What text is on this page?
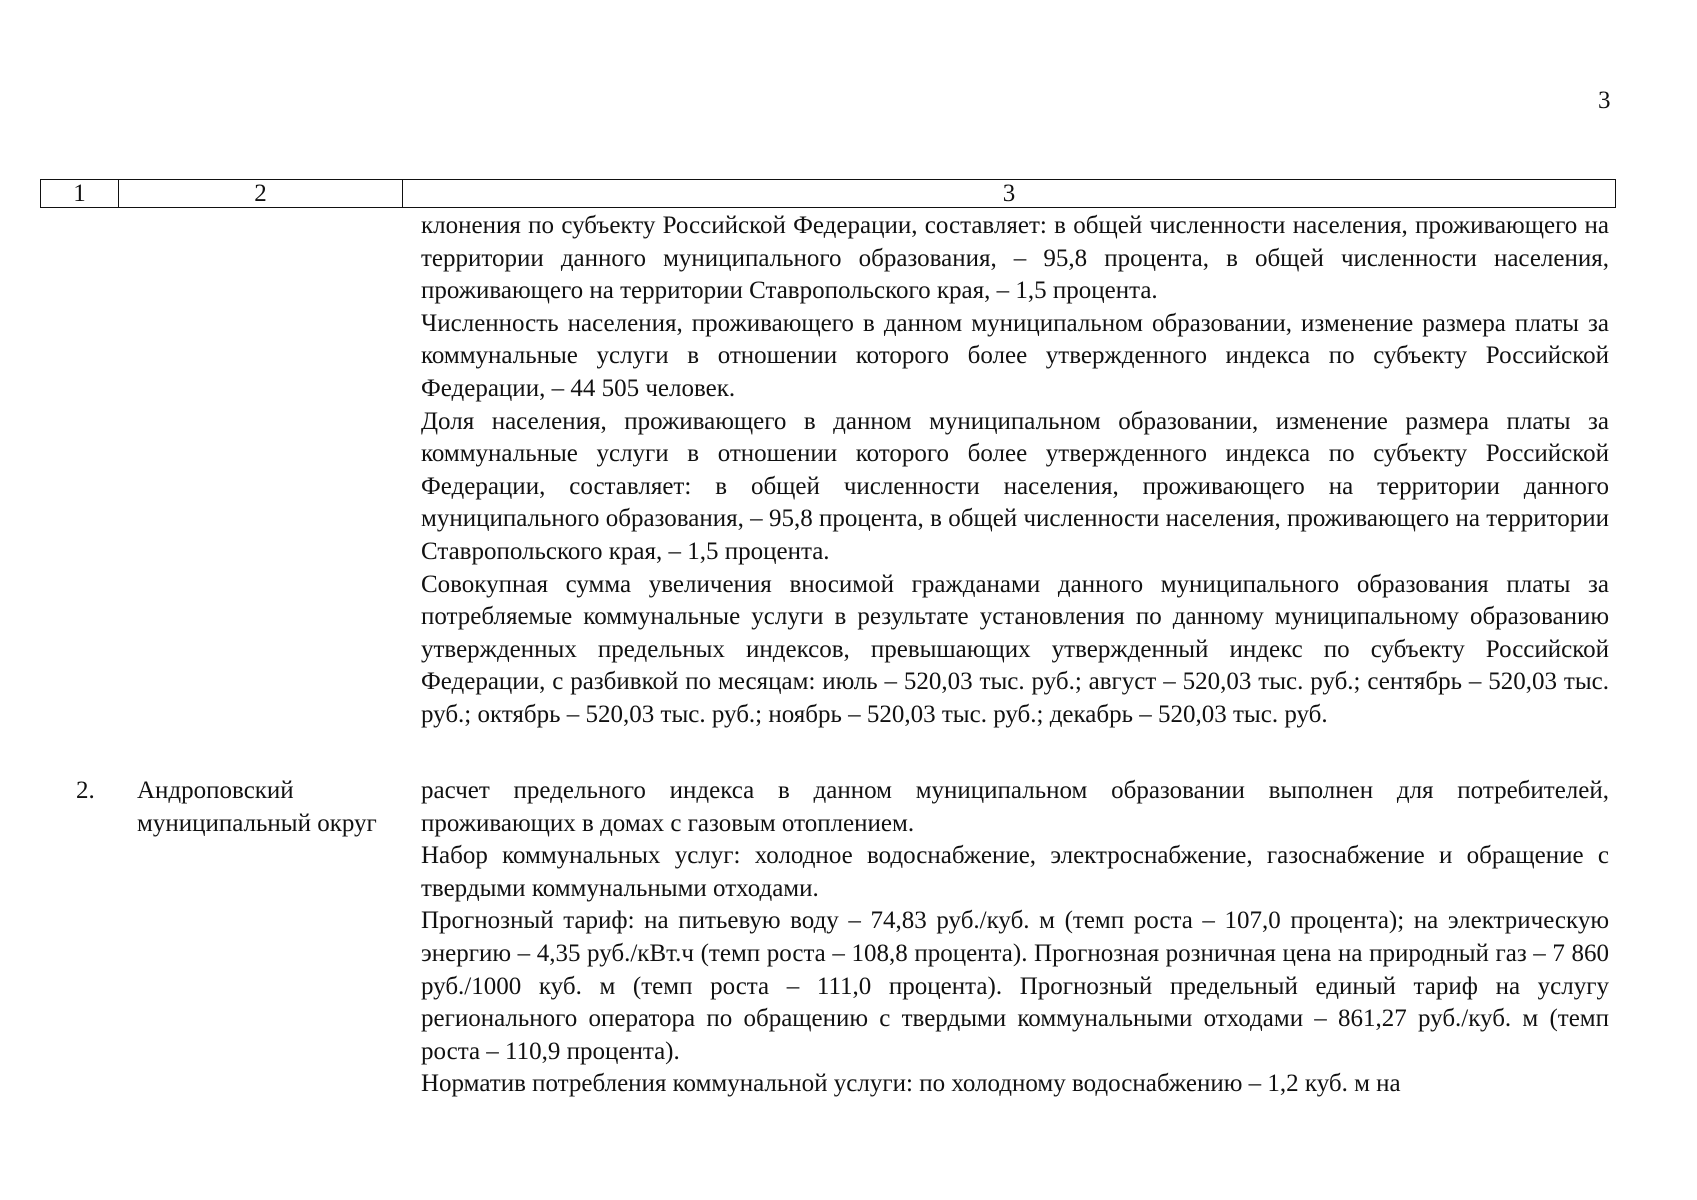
3
1	2	3

клонения по субъекту Российской Федерации, составляет: в общей численности населения, проживающего на территории данного муниципального образования, – 95,8 процента, в общей численности населения, проживающего на территории Ставропольского края, – 1,5 процента.

Численность населения, проживающего в данном муниципальном образовании, изменение размера платы за коммунальные услуги в отношении которого более утвержденного индекса по субъекту Российской Федерации, – 44 505 человек.

Доля населения, проживающего в данном муниципальном образовании, изменение размера платы за коммунальные услуги в отношении которого более утвержденного индекса по субъекту Российской Федерации, составляет: в общей численности населения, проживающего на территории данного муниципального образования, – 95,8 процента, в общей численности населения, проживающего на территории Ставропольского края, – 1,5 процента.

Совокупная сумма увеличения вносимой гражданами данного муниципального образования платы за потребляемые коммунальные услуги в результате установления по данному муниципальному образованию утвержденных предельных индексов, превышающих утвержденный индекс по субъекту Российской Федерации, с разбивкой по месяцам: июль – 520,03 тыс. руб.; август – 520,03 тыс. руб.; сентябрь – 520,03 тыс. руб.; октябрь – 520,03 тыс. руб.; ноябрь – 520,03 тыс. руб.; декабрь – 520,03 тыс. руб.

2. Андроповский муниципальный округ

расчет предельного индекса в данном муниципальном образовании выполнен для потребителей, проживающих в домах с газовым отоплением.

Набор коммунальных услуг: холодное водоснабжение, электроснабжение, газоснабжение и обращение с твердыми коммунальными отходами.

Прогнозный тариф: на питьевую воду – 74,83 руб./куб. м (темп роста – 107,0 процента); на электрическую энергию – 4,35 руб./кВт.ч (темп роста – 108,8 процента). Прогнозная розничная цена на природный газ – 7 860 руб./1000 куб. м (темп роста – 111,0 процента). Прогнозный предельный единый тариф на услугу регионального оператора по обращению с твердыми коммунальными отходами – 861,27 руб./куб. м (темп роста – 110,9 процента).

Норматив потребления коммунальной услуги: по холодному водоснабжению – 1,2 куб. м на
